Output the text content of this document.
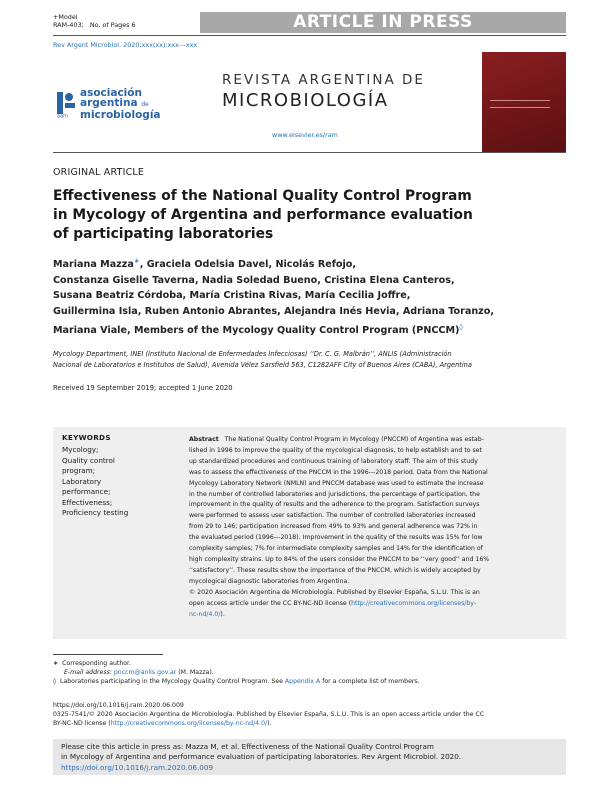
+Model
RAM-403; No. of Pages 6	ARTICLE IN PRESS
Rev Argent Microbiol. 2020;xxx(xx):xxx---xxx
aam
asociación
argentina de
microbiología
REVISTA ARGENTINA DE
MICROBIOLOGÍA
www.elsevier.es/ram
ORIGINAL ARTICLE
Effectiveness of the National Quality Control Program
in Mycology of Argentina and performance evaluation
of participating laboratories
Mariana Mazza∗, Graciela Odelsia Davel, Nicolás Refojo,
Constanza Giselle Taverna, Nadia Soledad Bueno, Cristina Elena Canteros,
Susana Beatriz Córdoba, María Cristina Rivas, María Cecilia Joffre,
Guillermina Isla, Ruben Antonio Abrantes, Alejandra Inés Hevia, Adriana Toranzo,
Mariana Viale, Members of the Mycology Quality Control Program (PNCCM)◊
Mycology Department, INEI (Instituto Nacional de Enfermedades Infecciosas) ‘‘Dr. C. G. Malbrán’’, ANLIS (Administración
Nacional de Laboratorios e Institutos de Salud), Avenida Vélez Sarsfield 563, C1282AFF City of Buenos Aires (CABA), Argentina
Received 19 September 2019; accepted 1 June 2020
KEYWORDS
Mycology;
Quality control
program;
Laboratory
performance;
Effectiveness;
Proficiency testing
Abstract The National Quality Control Program in Mycology (PNCCM) of Argentina was estab-
lished in 1996 to improve the quality of the mycological diagnosis, to help establish and to set
up standardized procedures and continuous training of laboratory staff. The aim of this study
was to assess the effectiveness of the PNCCM in the 1996---2018 period. Data from the National
Mycology Laboratory Network (NMLN) and PNCCM database was used to estimate the increase
in the number of controlled laboratories and jurisdictions, the percentage of participation, the
improvement in the quality of results and the adherence to the program. Satisfaction surveys
were performed to assess user satisfaction. The number of controlled laboratories increased
from 29 to 146; participation increased from 49% to 93% and general adherence was 72% in
the evaluated period (1996---2018). Improvement in the quality of the results was 15% for low
complexity samples; 7% for intermediate complexity samples and 14% for the identification of
high complexity strains. Up to 84% of the users consider the PNCCM to be ‘‘very good’’ and 16%
‘‘satisfactory’’. These results show the importance of the PNCCM, which is widely accepted by
mycological diagnostic laboratories from Argentina.
© 2020 Asociación Argentina de Microbiología. Published by Elsevier España, S.L.U. This is an
open access article under the CC BY-NC-ND license (http://creativecommons.org/licenses/by-
nc-nd/4.0/).
∗ Corresponding author.
E-mail address: pnccm@anlis.gov.ar (M. Mazza).
◊ Laboratories participating in the Mycology Quality Control Program. See Appendix A for a complete list of members.
https://doi.org/10.1016/j.ram.2020.06.009
0325-7541/© 2020 Asociación Argentina de Microbiología. Published by Elsevier España, S.L.U. This is an open access article under the CC
BY-NC-ND license (http://creativecommons.org/licenses/by-nc-nd/4.0/).
Please cite this article in press as: Mazza M, et al. Effectiveness of the National Quality Control Program
in Mycology of Argentina and performance evaluation of participating laboratories. Rev Argent Microbiol. 2020.
https://doi.org/10.1016/j.ram.2020.06.009
